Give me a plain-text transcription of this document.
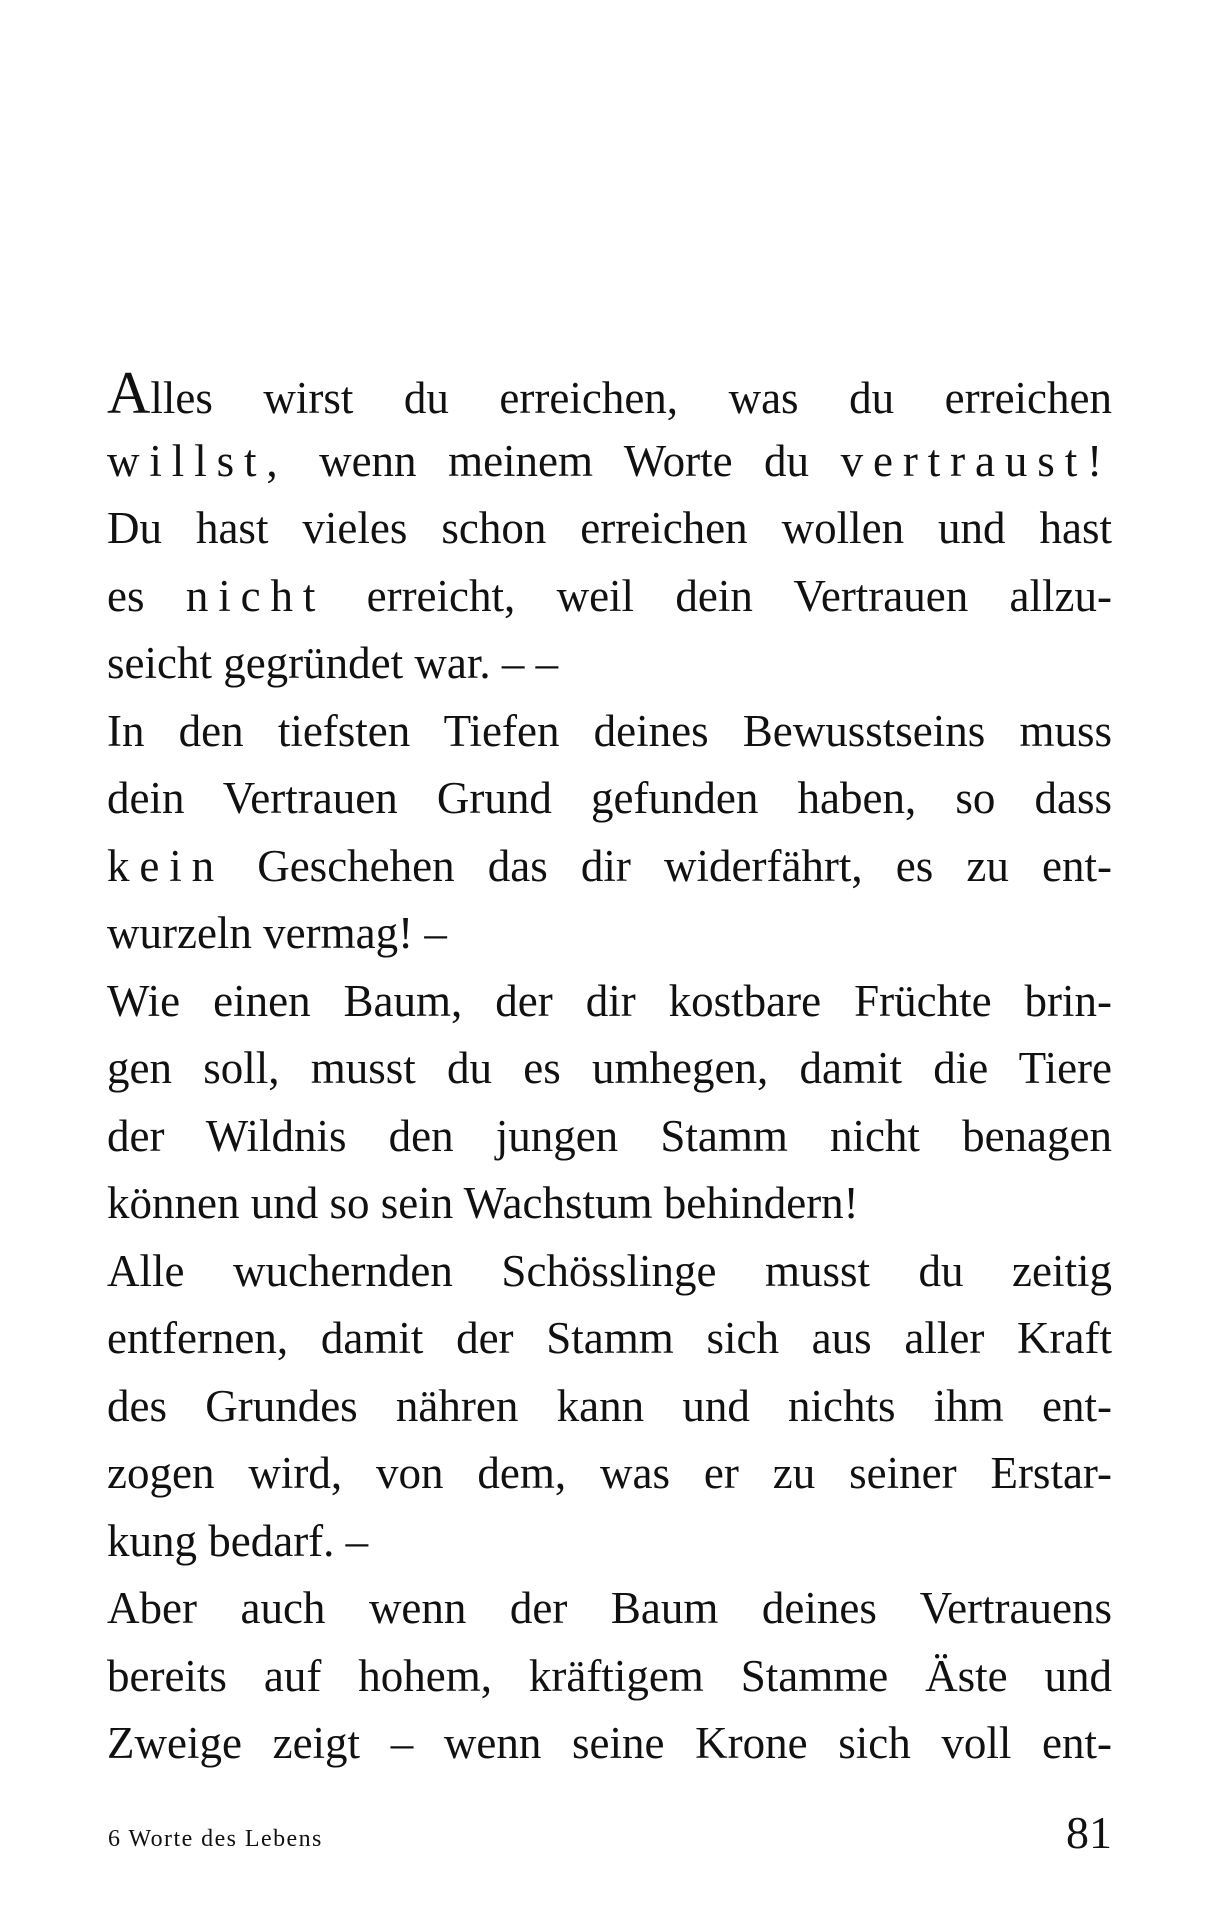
Alles wirst du erreichen, was du erreichen
willst, wenn meinem Worte du vertraust!
Du hast vieles schon erreichen wollen und hast
es nicht erreicht, weil dein Vertrauen allzu-
seicht gegründet war. – –
In den tiefsten Tiefen deines Bewusstseins muss
dein Vertrauen Grund gefunden haben, so dass
kein Geschehen das dir widerfährt, es zu ent-
wurzeln vermag! –
Wie einen Baum, der dir kostbare Früchte brin-
gen soll, musst du es umhegen, damit die Tiere
der Wildnis den jungen Stamm nicht benagen
können und so sein Wachstum behindern!
Alle wuchernden Schösslinge musst du zeitig
entfernen, damit der Stamm sich aus aller Kraft
des Grundes nähren kann und nichts ihm ent-
zogen wird, von dem, was er zu seiner Erstar-
kung bedarf. –
Aber auch wenn der Baum deines Vertrauens
bereits auf hohem, kräftigem Stamme Äste und
Zweige zeigt – wenn seine Krone sich voll ent-
6 Worte des Lebens	81
